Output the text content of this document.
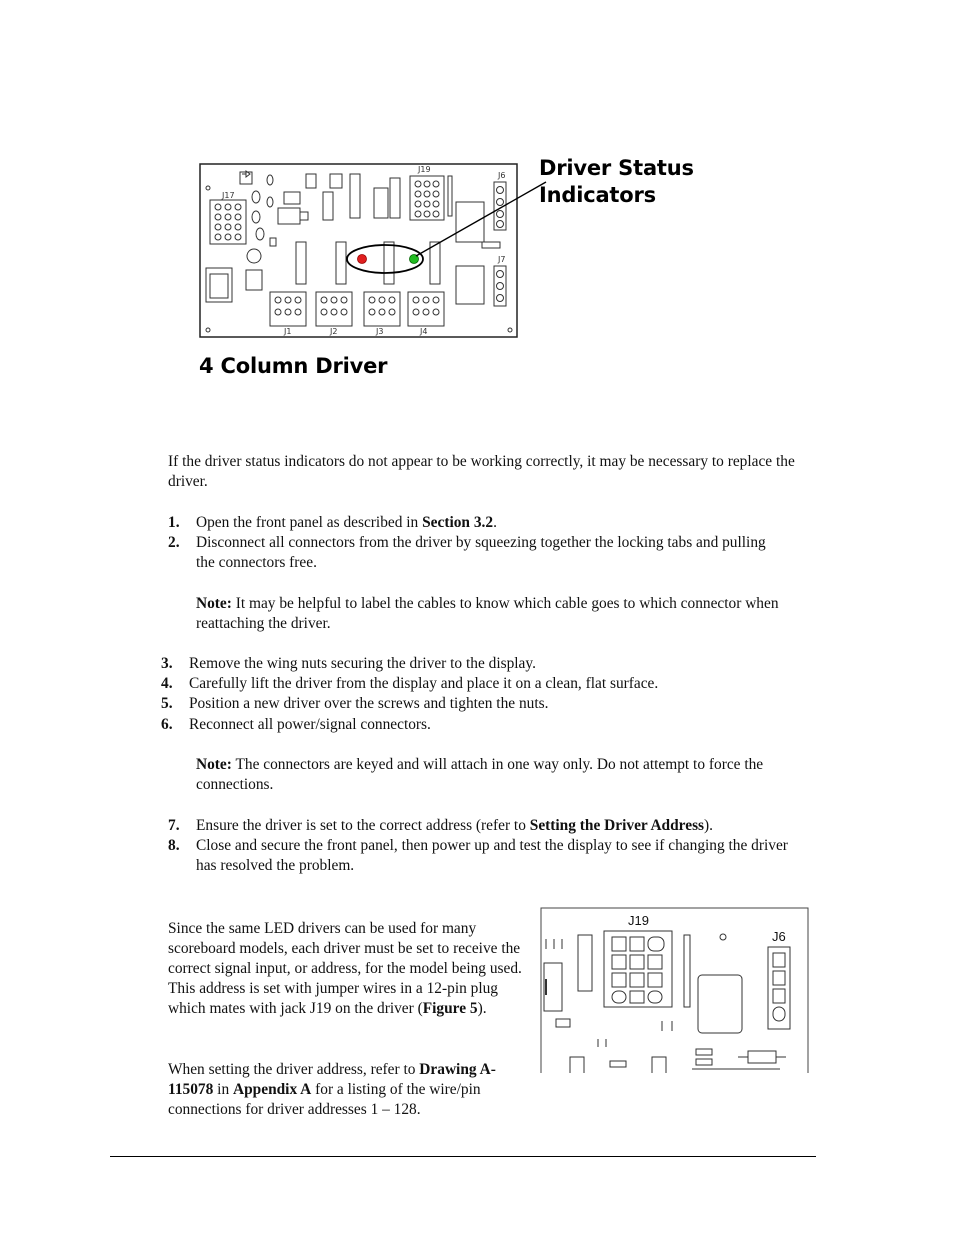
J17
J19
J6
J7
J1	J2	J3	J4
Driver Status
Indicators
4 Column Driver
If the driver status indicators do not appear to be working correctly, it may be necessary to replace the driver.
1. Open the front panel as described in Section 3.2.
2. Disconnect all connectors from the driver by squeezing together the locking tabs and pulling the connectors free.
Note: It may be helpful to label the cables to know which cable goes to which connector when reattaching the driver.
3. Remove the wing nuts securing the driver to the display.
4. Carefully lift the driver from the display and place it on a clean, flat surface.
5. Position a new driver over the screws and tighten the nuts.
6. Reconnect all power/signal connectors.
Note: The connectors are keyed and will attach in one way only. Do not attempt to force the connections.
7. Ensure the driver is set to the correct address (refer to Setting the Driver Address).
8. Close and secure the front panel, then power up and test the display to see if changing the driver has resolved the problem.
Since the same LED drivers can be used for many scoreboard models, each driver must be set to receive the correct signal input, or address, for the model being used. This address is set with jumper wires in a 12-pin plug which mates with jack J19 on the driver (Figure 5).
When setting the driver address, refer to Drawing A-115078 in Appendix A for a listing of the wire/pin connections for driver addresses 1 – 128.
J19
J6
